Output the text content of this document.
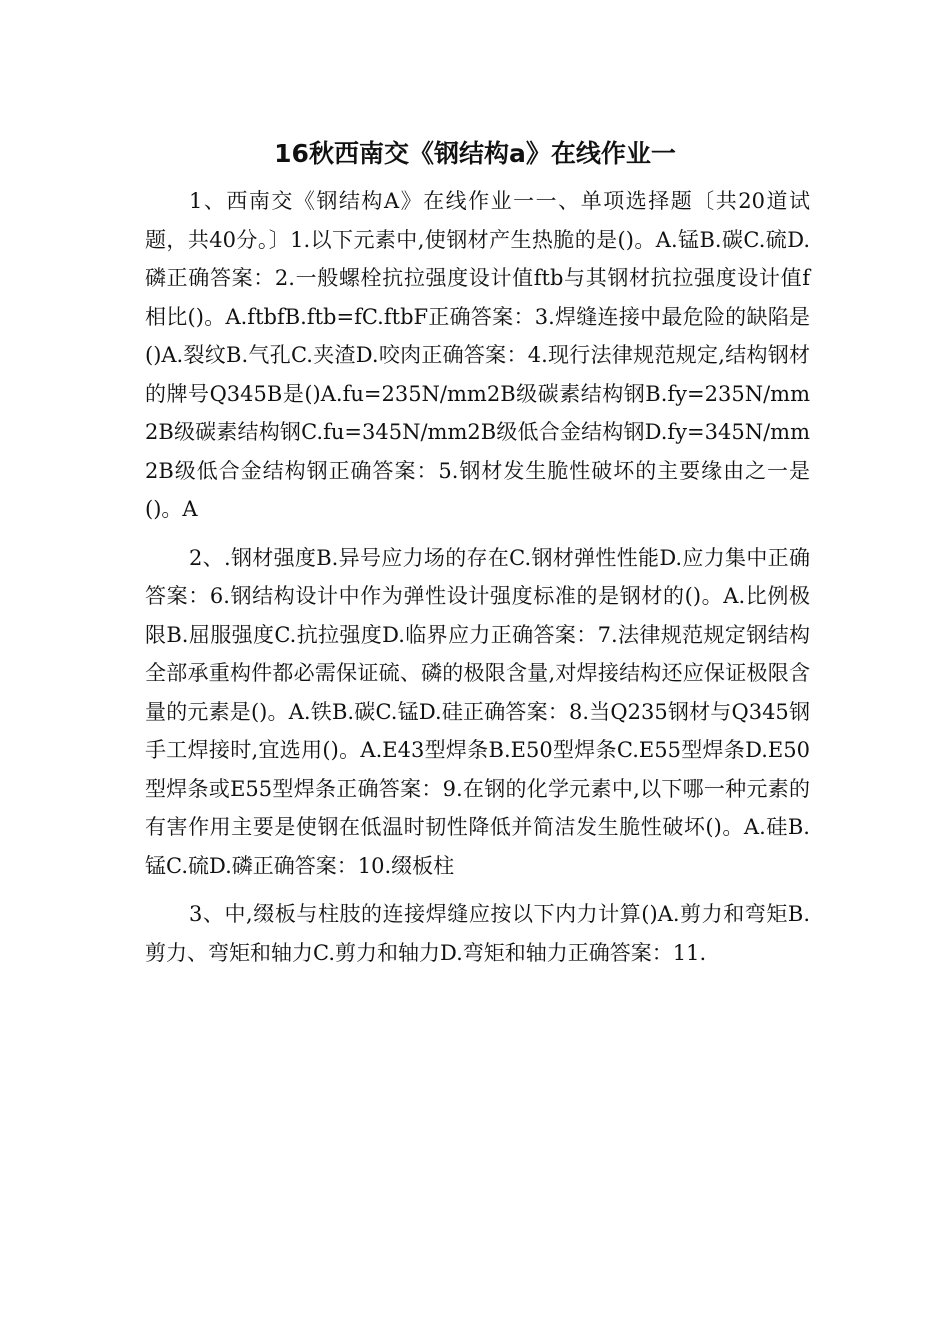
16秋西南交《钢结构a》在线作业一

1、西南交《钢结构A》在线作业一一、单项选择题〔共20道试题，共40分。〕1.以下元素中,使钢材产生热脆的是()。A.锰B.碳C.硫D.磷正确答案：2.一般螺栓抗拉强度设计值ftb与其钢材抗拉强度设计值f相比()。A.ftbfB.ftb=fC.ftbF正确答案：3.焊缝连接中最危险的缺陷是()A.裂纹B.气孔C.夹渣D.咬肉正确答案：4.现行法律规范规定,结构钢材的牌号Q345B是()A.fu=235N/mm2B级碳素结构钢B.fy=235N/mm2B级碳素结构钢C.fu=345N/mm2B级低合金结构钢D.fy=345N/mm2B级低合金结构钢正确答案：5.钢材发生脆性破坏的主要缘由之一是()。A

2、.钢材强度B.异号应力场的存在C.钢材弹性性能D.应力集中正确答案：6.钢结构设计中作为弹性设计强度标准的是钢材的()。A.比例极限B.屈服强度C.抗拉强度D.临界应力正确答案：7.法律规范规定钢结构全部承重构件都必需保证硫、磷的极限含量,对焊接结构还应保证极限含量的元素是()。A.铁B.碳C.锰D.硅正确答案：8.当Q235钢材与Q345钢手工焊接时,宜选用()。A.E43型焊条B.E50型焊条C.E55型焊条D.E50型焊条或E55型焊条正确答案：9.在钢的化学元素中,以下哪一种元素的有害作用主要是使钢在低温时韧性降低并简洁发生脆性破坏()。A.硅B.锰C.硫D.磷正确答案：10.缀板柱

3、中,缀板与柱肢的连接焊缝应按以下内力计算()A.剪力和弯矩B.剪力、弯矩和轴力C.剪力和轴力D.弯矩和轴力正确答案：11.
